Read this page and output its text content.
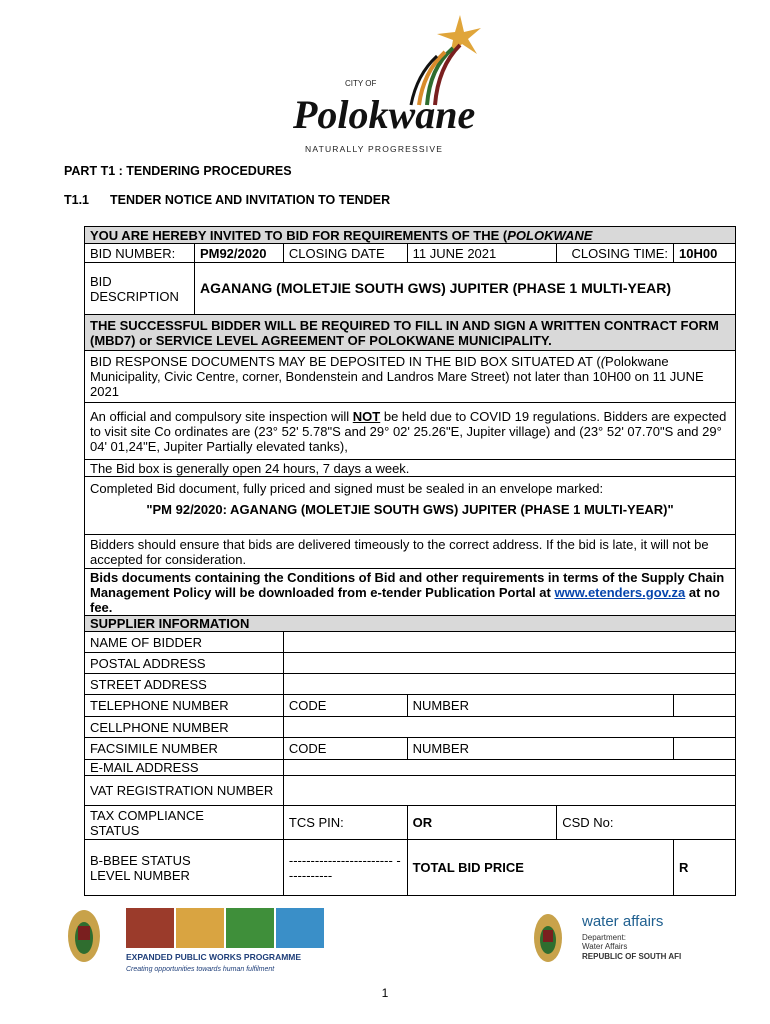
CITY OF
Polokwane
NATURALLY PROGRESSIVE
PART T1 : TENDERING PROCEDURES
T1.1 TENDER NOTICE AND INVITATION TO TENDER
YOU ARE HEREBY INVITED TO BID FOR REQUIREMENTS OF THE (POLOKWANE					
BID NUMBER:	PM92/2020	CLOSING DATE	11 JUNE 2021	CLOSING TIME:	10H00
BID
DESCRIPTION	AGANANG (MOLETJIE SOUTH GWS) JUPITER (PHASE 1 MULTI-YEAR)				
THE SUCCESSFUL BIDDER WILL BE REQUIRED TO FILL IN AND SIGN A WRITTEN CONTRACT FORM (MBD7) or SERVICE LEVEL AGREEMENT OF POLOKWANE MUNICIPALITY.					
BID RESPONSE DOCUMENTS MAY BE DEPOSITED IN THE BID BOX SITUATED AT ((Polokwane Municipality, Civic Centre, corner, Bondenstein and Landros Mare Street) not later than 10H00 on 11 JUNE 2021					
An official and compulsory site inspection will NOT be held due to COVID 19 regulations. Bidders are expected to visit site Co ordinates are (23° 52' 5.78"S and 29° 02' 25.26"E, Jupiter village) and (23° 52' 07.70"S and 29° 04' 01,24"E, Jupiter Partially elevated tanks),					
The Bid box is generally open 24 hours, 7 days a week.					

Completed Bid document, fully priced and signed must be sealed in an envelope marked:
"PM 92/2020: AGANANG (MOLETJIE SOUTH GWS) JUPITER (PHASE 1 MULTI-YEAR)"					

Bidders should ensure that bids are delivered timeously to the correct address. If the bid is late, it will not be accepted for consideration.					
Bids documents containing the Conditions of Bid and other requirements in terms of the Supply Chain Management Policy will be downloaded from e-tender Publication Portal at www.etenders.gov.za at no fee.					
SUPPLIER INFORMATION					
NAME OF BIDDER					
POSTAL ADDRESS					
STREET ADDRESS					
TELEPHONE NUMBER		CODE	NUMBER		
CELLPHONE NUMBER					
FACSIMILE NUMBER		CODE	NUMBER		
E-MAIL ADDRESS					
VAT REGISTRATION NUMBER					
TAX COMPLIANCE STATUS		TCS PIN:	OR	CSD No:	
B-BBEE STATUS LEVEL NUMBER		------------------------ -----------	TOTAL BID PRICE		R
EXPANDED PUBLIC WORKS PROGRAMME
Creating opportunities towards human fulfilment
water affairs
Department:
Water Affairs
REPUBLIC OF SOUTH AFI
1
